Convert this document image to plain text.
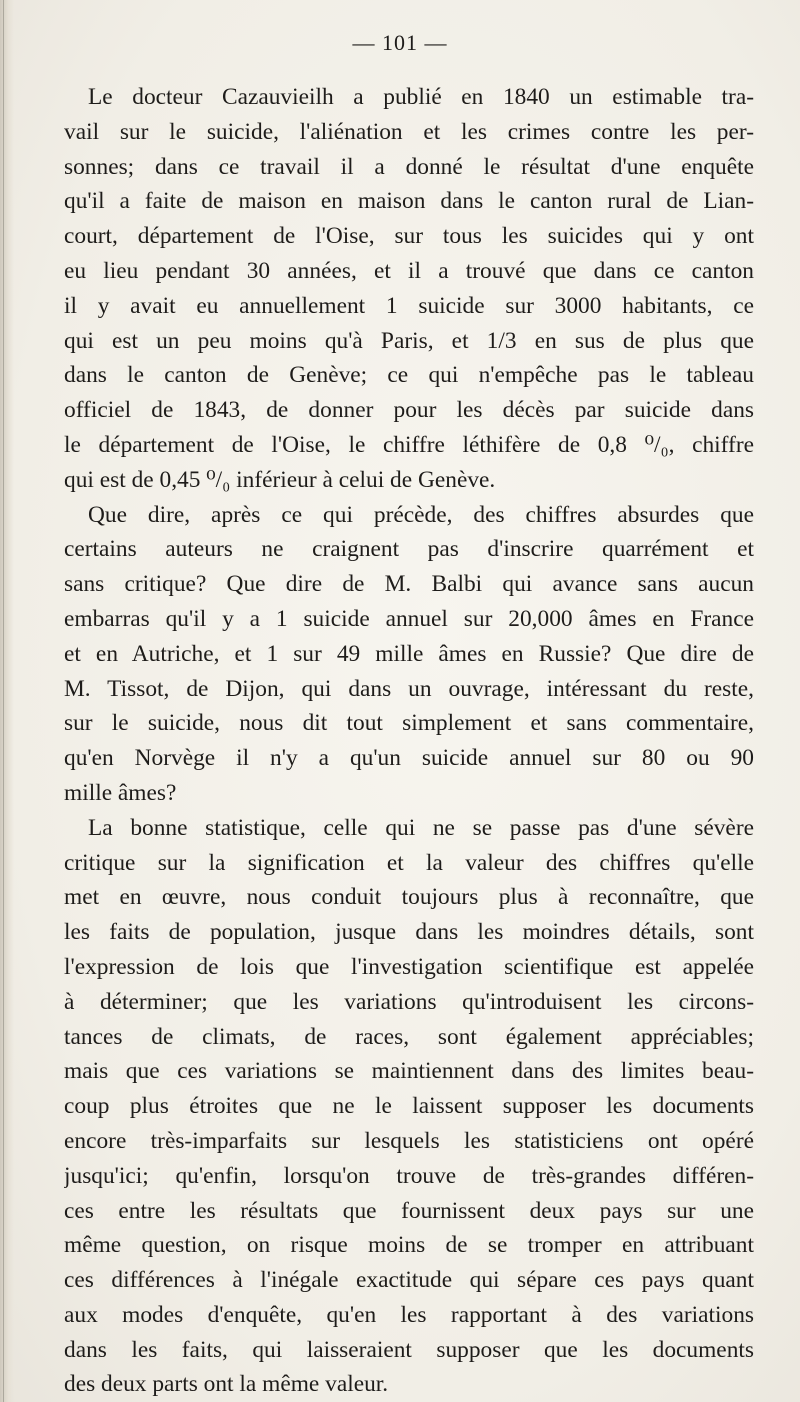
— 101 —
Le docteur Cazauvieilh a publié en 1840 un estimable tra-
vail sur le suicide, l'aliénation et les crimes contre les per-
sonnes; dans ce travail il a donné le résultat d'une enquête
qu'il a faite de maison en maison dans le canton rural de Lian-
court, département de l'Oise, sur tous les suicides qui y ont
eu lieu pendant 30 années, et il a trouvé que dans ce canton
il y avait eu annuellement 1 suicide sur 3000 habitants, ce
qui est un peu moins qu'à Paris, et 1/3 en sus de plus que
dans le canton de Genève; ce qui n'empêche pas le tableau
officiel de 1843, de donner pour les décès par suicide dans
le département de l'Oise, le chiffre léthifère de 0,8 ⁰/₀, chiffre
qui est de 0,45 ⁰/₀ inférieur à celui de Genève.
Que dire, après ce qui précède, des chiffres absurdes que
certains auteurs ne craignent pas d'inscrire quarrément et
sans critique? Que dire de M. Balbi qui avance sans aucun
embarras qu'il y a 1 suicide annuel sur 20,000 âmes en France
et en Autriche, et 1 sur 49 mille âmes en Russie? Que dire de
M. Tissot, de Dijon, qui dans un ouvrage, intéressant du reste,
sur le suicide, nous dit tout simplement et sans commentaire,
qu'en Norvège il n'y a qu'un suicide annuel sur 80 ou 90
mille âmes?
La bonne statistique, celle qui ne se passe pas d'une sévère
critique sur la signification et la valeur des chiffres qu'elle
met en œuvre, nous conduit toujours plus à reconnaître, que
les faits de population, jusque dans les moindres détails, sont
l'expression de lois que l'investigation scientifique est appelée
à déterminer; que les variations qu'introduisent les circons-
tances de climats, de races, sont également appréciables;
mais que ces variations se maintiennent dans des limites beau-
coup plus étroites que ne le laissent supposer les documents
encore très-imparfaits sur lesquels les statisticiens ont opéré
jusqu'ici; qu'enfin, lorsqu'on trouve de très-grandes différen-
ces entre les résultats que fournissent deux pays sur une
même question, on risque moins de se tromper en attribuant
ces différences à l'inégale exactitude qui sépare ces pays quant
aux modes d'enquête, qu'en les rapportant à des variations
dans les faits, qui laisseraient supposer que les documents
des deux parts ont la même valeur.
